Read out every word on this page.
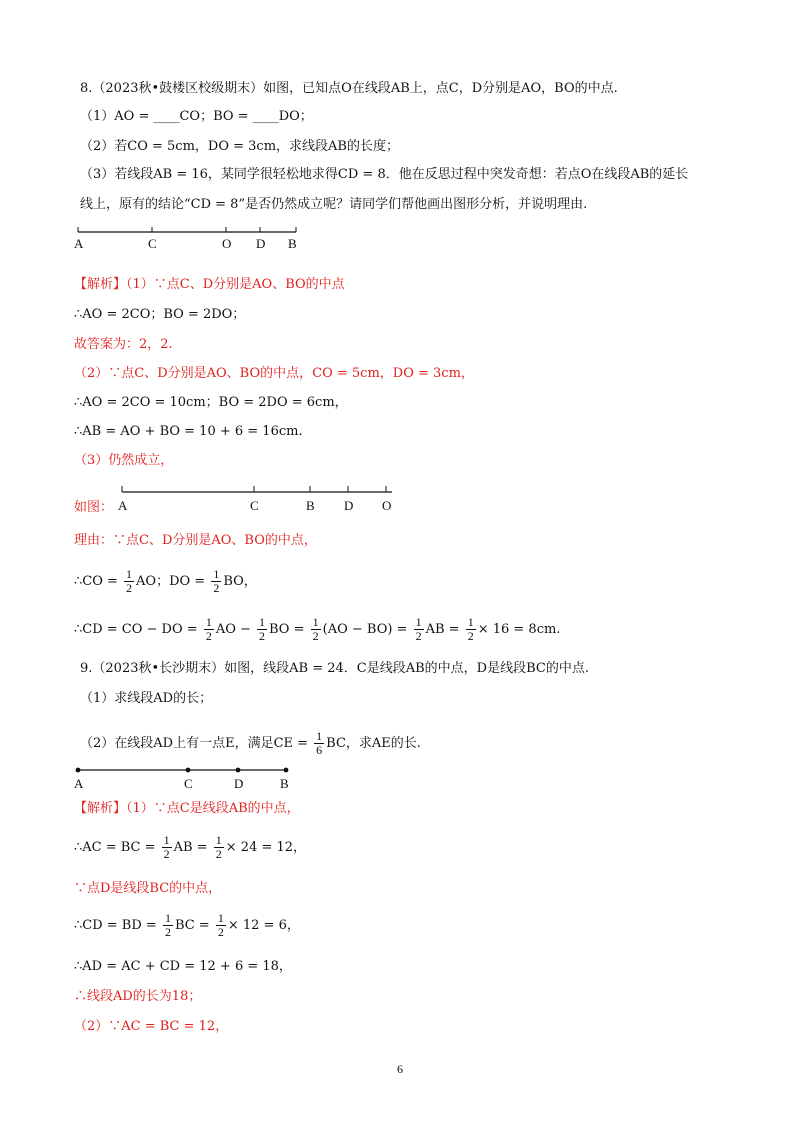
8.（2023秋•鼓楼区校级期末）如图，已知点O在线段AB上，点C，D分别是AO，BO的中点.
（1）AO = ____CO；BO = ____DO；
（2）若CO = 5cm，DO = 3cm，求线段AB的长度；
（3）若线段AB = 16，某同学很轻松地求得CD = 8．他在反思过程中突发奇想：若点O在线段AB的延长
线上，原有的结论“CD = 8”是否仍然成立呢？请同学们帮他画出图形分析，并说明理由.
A	C	O D B
【解析】（1）∵点C、D分别是AO、BO的中点
∴AO = 2CO；BO = 2DO；
故答案为：2，2.
（2）∵点C、D分别是AO、BO的中点，CO = 5cm，DO = 3cm，
∴AO = 2CO = 10cm；BO = 2DO = 6cm，
∴AB = AO + BO = 10 + 6 = 16cm.
（3）仍然成立，
如图： A	C	B D O
理由：∵点C、D分别是AO、BO的中点，
∴CO = $\frac{1}{2}$ AO；DO = $\frac{1}{2}$ BO，
∴CD = CO − DO = $\frac{1}{2}$ AO − $\frac{1}{2}$ BO = $\frac{1}{2} (AO - BO) = \frac{1}{2}$ AB = $\frac{1}{2} \times 16 = 8cm$.
9.（2023秋•长沙期末）如图，线段AB = 24．C是线段AB的中点，D是线段BC的中点.
（1）求线段AD的长；
（2）在线段AD上有一点E，满足CE = $\frac{1}{6}$ BC，求AE的长.
A	C	D	B
【解析】（1）∵点C是线段AB的中点，
∴AC = BC = $\frac{1}{2}$ AB = $\frac{1}{2} \times 24 = 12$，
∵点D是线段BC的中点，
∴CD = BD = $\frac{1}{2}$ BC = $\frac{1}{2} \times 12 = 6$，
∴AD = AC + CD = 12 + 6 = 18，
∴线段AD的长为18；
（2）∵AC = BC = 12，
6
